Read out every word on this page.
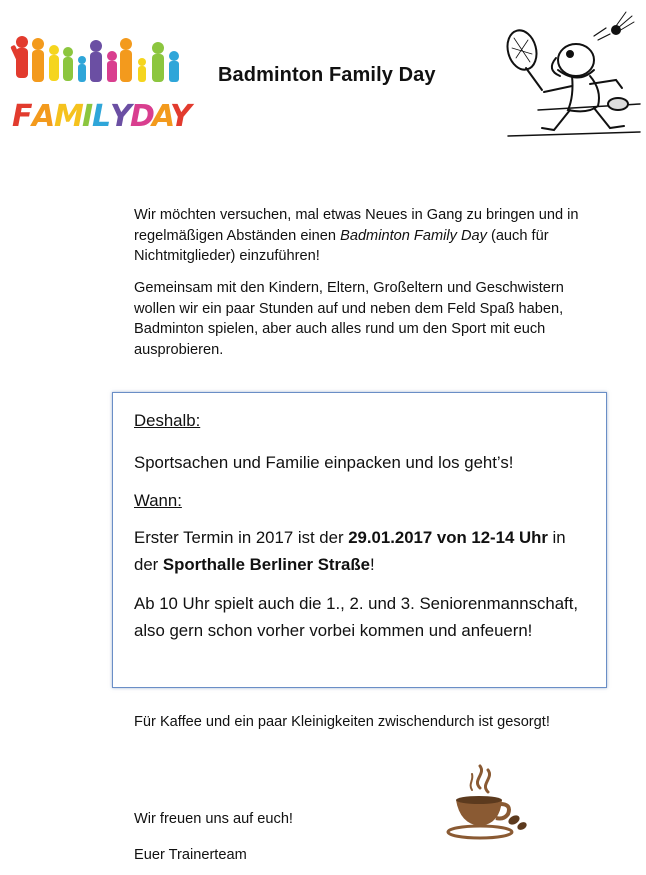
F A
M
I
L
Y
D
A
Y
Badminton Family Day

Wir möchten versuchen, mal etwas Neues in Gang zu bringen und in regelmäßigen Abständen einen Badminton Family Day (auch für Nichtmitglieder) einzuführen!

Gemeinsam mit den Kindern, Eltern, Großeltern und Geschwistern wollen wir ein paar Stunden auf und neben dem Feld Spaß haben, Badminton spielen, aber auch alles rund um den Sport mit euch ausprobieren.

Deshalb:

Sportsachen und Familie einpacken und los geht’s!

Wann:

Erster Termin in 2017 ist der 29.01.2017 von 12-14 Uhr in der Sporthalle Berliner Straße!

Ab 10 Uhr spielt auch die 1., 2. und 3. Seniorenmannschaft, also gern schon vorher vorbei kommen und anfeuern!

Für Kaffee und ein paar Kleinigkeiten zwischendurch ist gesorgt!

Wir freuen uns auf euch!

Euer Trainerteam
